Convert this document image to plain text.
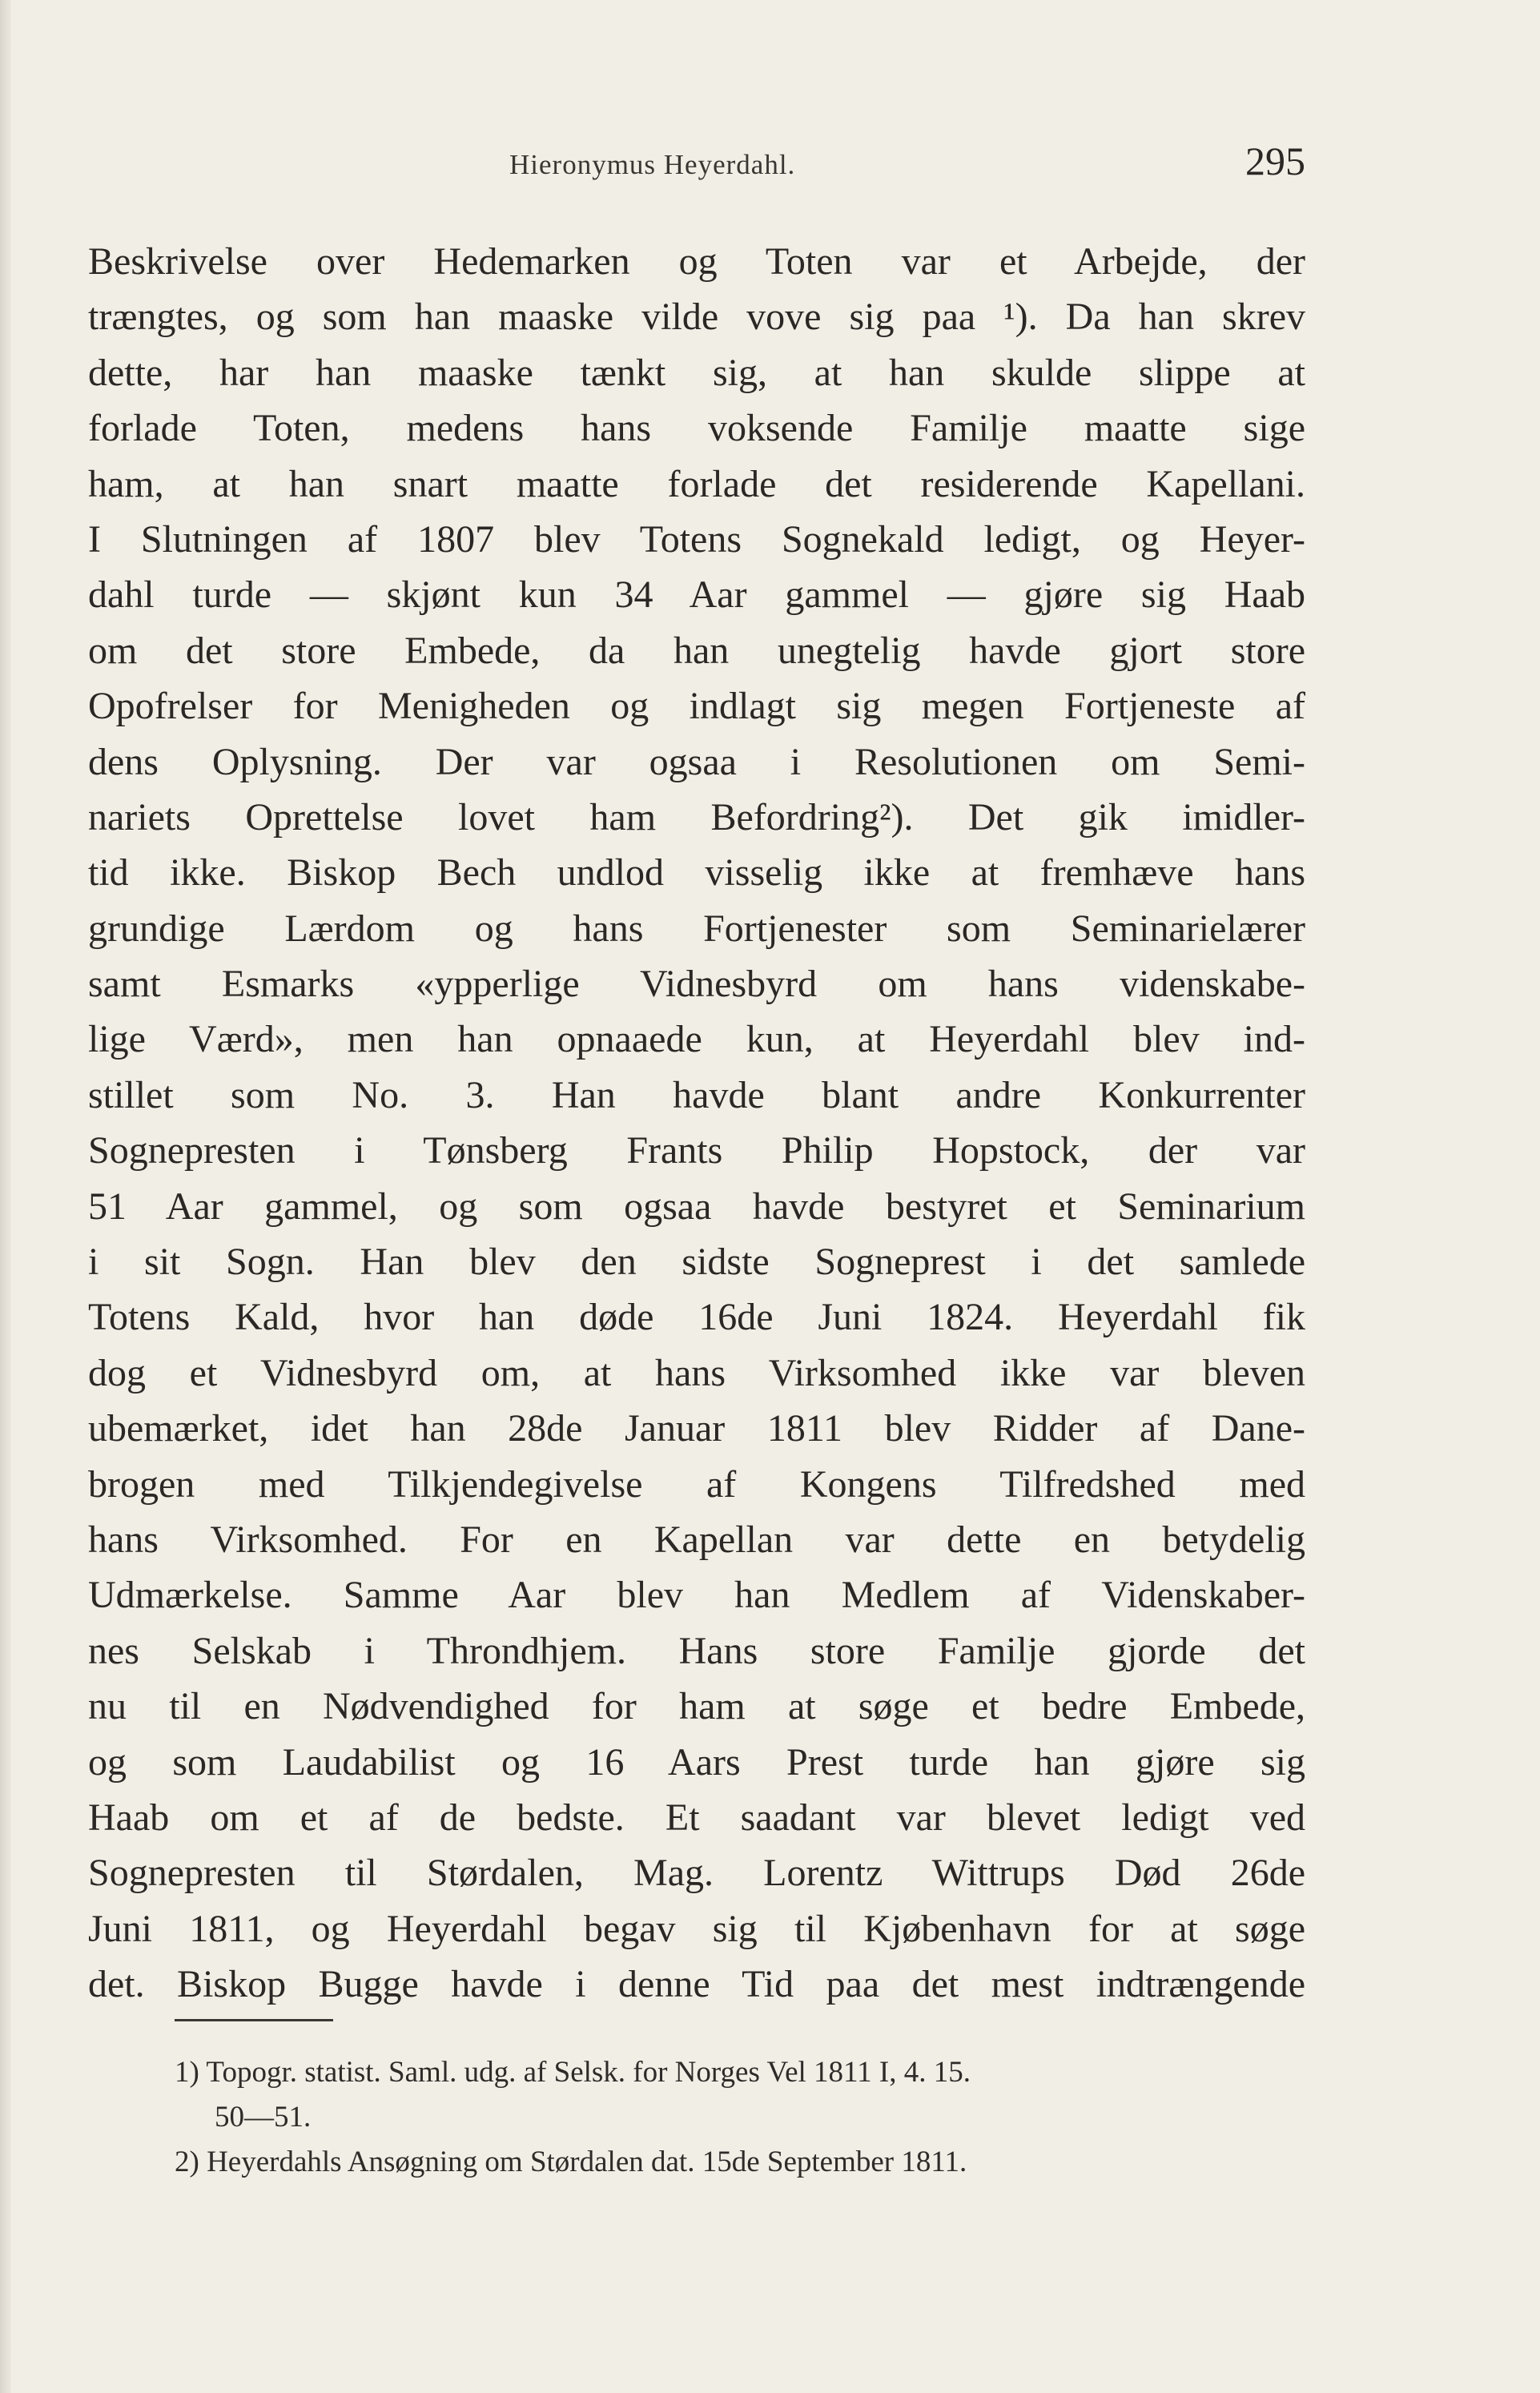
Hieronymus Heyerdahl.	295
Beskrivelse over Hedemarken og Toten var et Arbejde, der
trængtes, og som han maaske vilde vove sig paa ¹). Da han skrev
dette, har han maaske tænkt sig, at han skulde slippe at
forlade Toten, medens hans voksende Familje maatte sige
ham, at han snart maatte forlade det residerende Kapellani.
I Slutningen af 1807 blev Totens Sognekald ledigt, og Heyer-
dahl turde — skjønt kun 34 Aar gammel — gjøre sig Haab
om det store Embede, da han unegtelig havde gjort store
Opofrelser for Menigheden og indlagt sig megen Fortjeneste af
dens Oplysning. Der var ogsaa i Resolutionen om Semi-
nariets Oprettelse lovet ham Befordring²). Det gik imidler-
tid ikke. Biskop Bech undlod visselig ikke at fremhæve hans
grundige Lærdom og hans Fortjenester som Seminarielærer
samt Esmarks «ypperlige Vidnesbyrd om hans videnskabe-
lige Værd», men han opnaaede kun, at Heyerdahl blev ind-
stillet som No. 3. Han havde blant andre Konkurrenter
Sognepresten i Tønsberg Frants Philip Hopstock, der var
51 Aar gammel, og som ogsaa havde bestyret et Seminarium
i sit Sogn. Han blev den sidste Sogneprest i det samlede
Totens Kald, hvor han døde 16de Juni 1824. Heyerdahl fik
dog et Vidnesbyrd om, at hans Virksomhed ikke var bleven
ubemærket, idet han 28de Januar 1811 blev Ridder af Dane-
brogen med Tilkjendegivelse af Kongens Tilfredshed med
hans Virksomhed. For en Kapellan var dette en betydelig
Udmærkelse. Samme Aar blev han Medlem af Videnskaber-
nes Selskab i Throndhjem. Hans store Familje gjorde det
nu til en Nødvendighed for ham at søge et bedre Embede,
og som Laudabilist og 16 Aars Prest turde han gjøre sig
Haab om et af de bedste. Et saadant var blevet ledigt ved
Sognepresten til Størdalen, Mag. Lorentz Wittrups Død 26de
Juni 1811, og Heyerdahl begav sig til Kjøbenhavn for at søge
det. Biskop Bugge havde i denne Tid paa det mest indtrængende
1) Topogr. statist. Saml. udg. af Selsk. for Norges Vel 1811 I, 4. 15.
50—51.
2) Heyerdahls Ansøgning om Størdalen dat. 15de September 1811.
